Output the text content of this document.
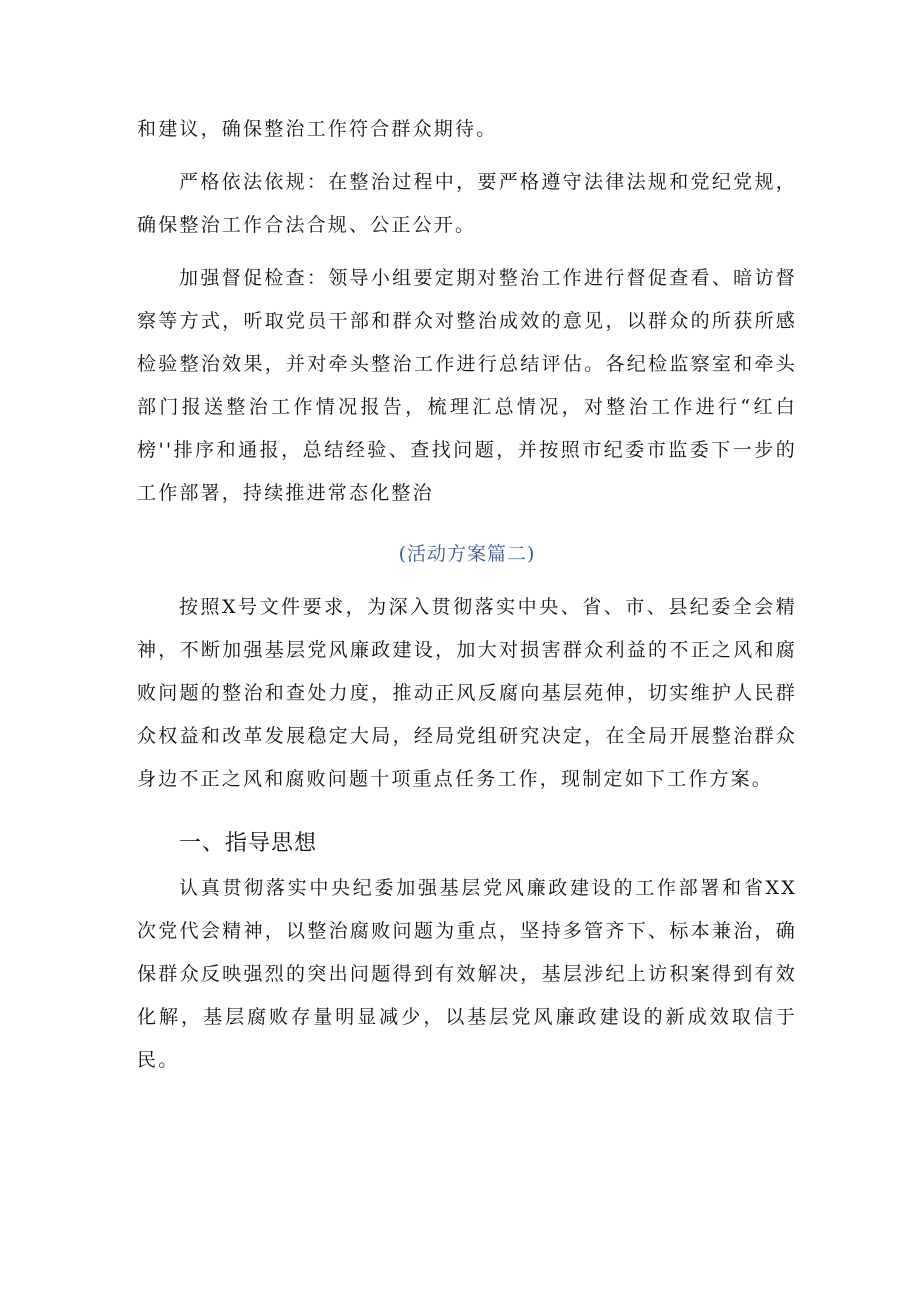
和建议，确保整治工作符合群众期待。

严格依法依规：在整治过程中，要严格遵守法律法规和党纪党规，确保整治工作合法合规、公正公开。

加强督促检查：领导小组要定期对整治工作进行督促查看、暗访督察等方式，听取党员干部和群众对整治成效的意见，以群众的所获所感检验整治效果，并对牵头整治工作进行总结评估。各纪检监察室和牵头部门报送整治工作情况报告，梳理汇总情况，对整治工作进行“红白榜''排序和通报，总结经验、查找问题，并按照市纪委市监委下一步的工作部署，持续推进常态化整治

(活动方案篇二)

按照X号文件要求，为深入贯彻落实中央、省、市、县纪委全会精神，不断加强基层党风廉政建设，加大对损害群众利益的不正之风和腐败问题的整治和查处力度，推动正风反腐向基层苑伸，切实维护人民群众权益和改革发展稳定大局，经局党组研究决定，在全局开展整治群众身边不正之风和腐败问题十项重点任务工作，现制定如下工作方案。

一、指导思想

认真贯彻落实中央纪委加强基层党风廉政建设的工作部署和省XX次党代会精神，以整治腐败问题为重点，坚持多管齐下、标本兼治，确保群众反映强烈的突出问题得到有效解决，基层涉纪上访积案得到有效化解，基层腐败存量明显减少，以基层党风廉政建设的新成效取信于民。
